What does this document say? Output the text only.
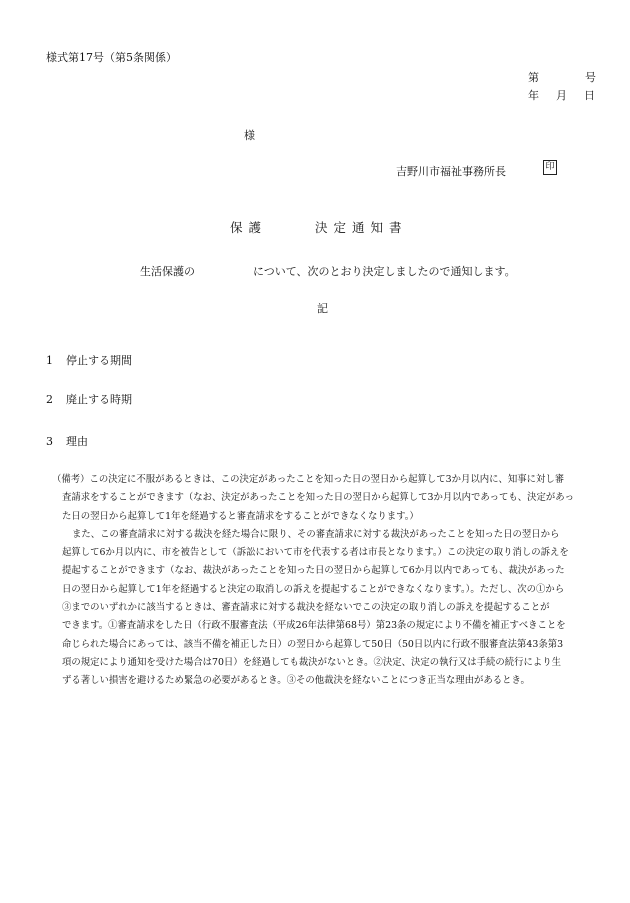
様式第17号（第5条関係）
第	号
年 月 日
様
吉野川市福祉事務所長	印
保護	決定通知書
生活保護の	について、次のとおり決定しましたので通知します。
記
1 停止する期間
2 廃止する時期
3 理由

（備考）この決定に不服があるときは、この決定があったことを知った日の翌日から起算して3か月以内に、知事に対し審

査請求をすることができます（なお、決定があったことを知った日の翌日から起算して3か月以内であっても、決定があっ

た日の翌日から起算して1年を経過すると審査請求をすることができなくなります。）

また、この審査請求に対する裁決を経た場合に限り、その審査請求に対する裁決があったことを知った日の翌日から

起算して6か月以内に、市を被告として（訴訟において市を代表する者は市長となります。）この決定の取り消しの訴えを

提起することができます（なお、裁決があったことを知った日の翌日から起算して6か月以内であっても、裁決があった

日の翌日から起算して1年を経過すると決定の取消しの訴えを提起することができなくなります。）。ただし、次の①から

③までのいずれかに該当するときは、審査請求に対する裁決を経ないでこの決定の取り消しの訴えを提起することが

できます。①審査請求をした日（行政不服審査法（平成26年法律第68号）第23条の規定により不備を補正すべきことを

命じられた場合にあっては、該当不備を補正した日）の翌日から起算して50日（50日以内に行政不服審査法第43条第3

項の規定により通知を受けた場合は70日）を経過しても裁決がないとき。②決定、決定の執行又は手続の続行により生

ずる著しい損害を避けるため緊急の必要があるとき。③その他裁決を経ないことにつき正当な理由があるとき。
